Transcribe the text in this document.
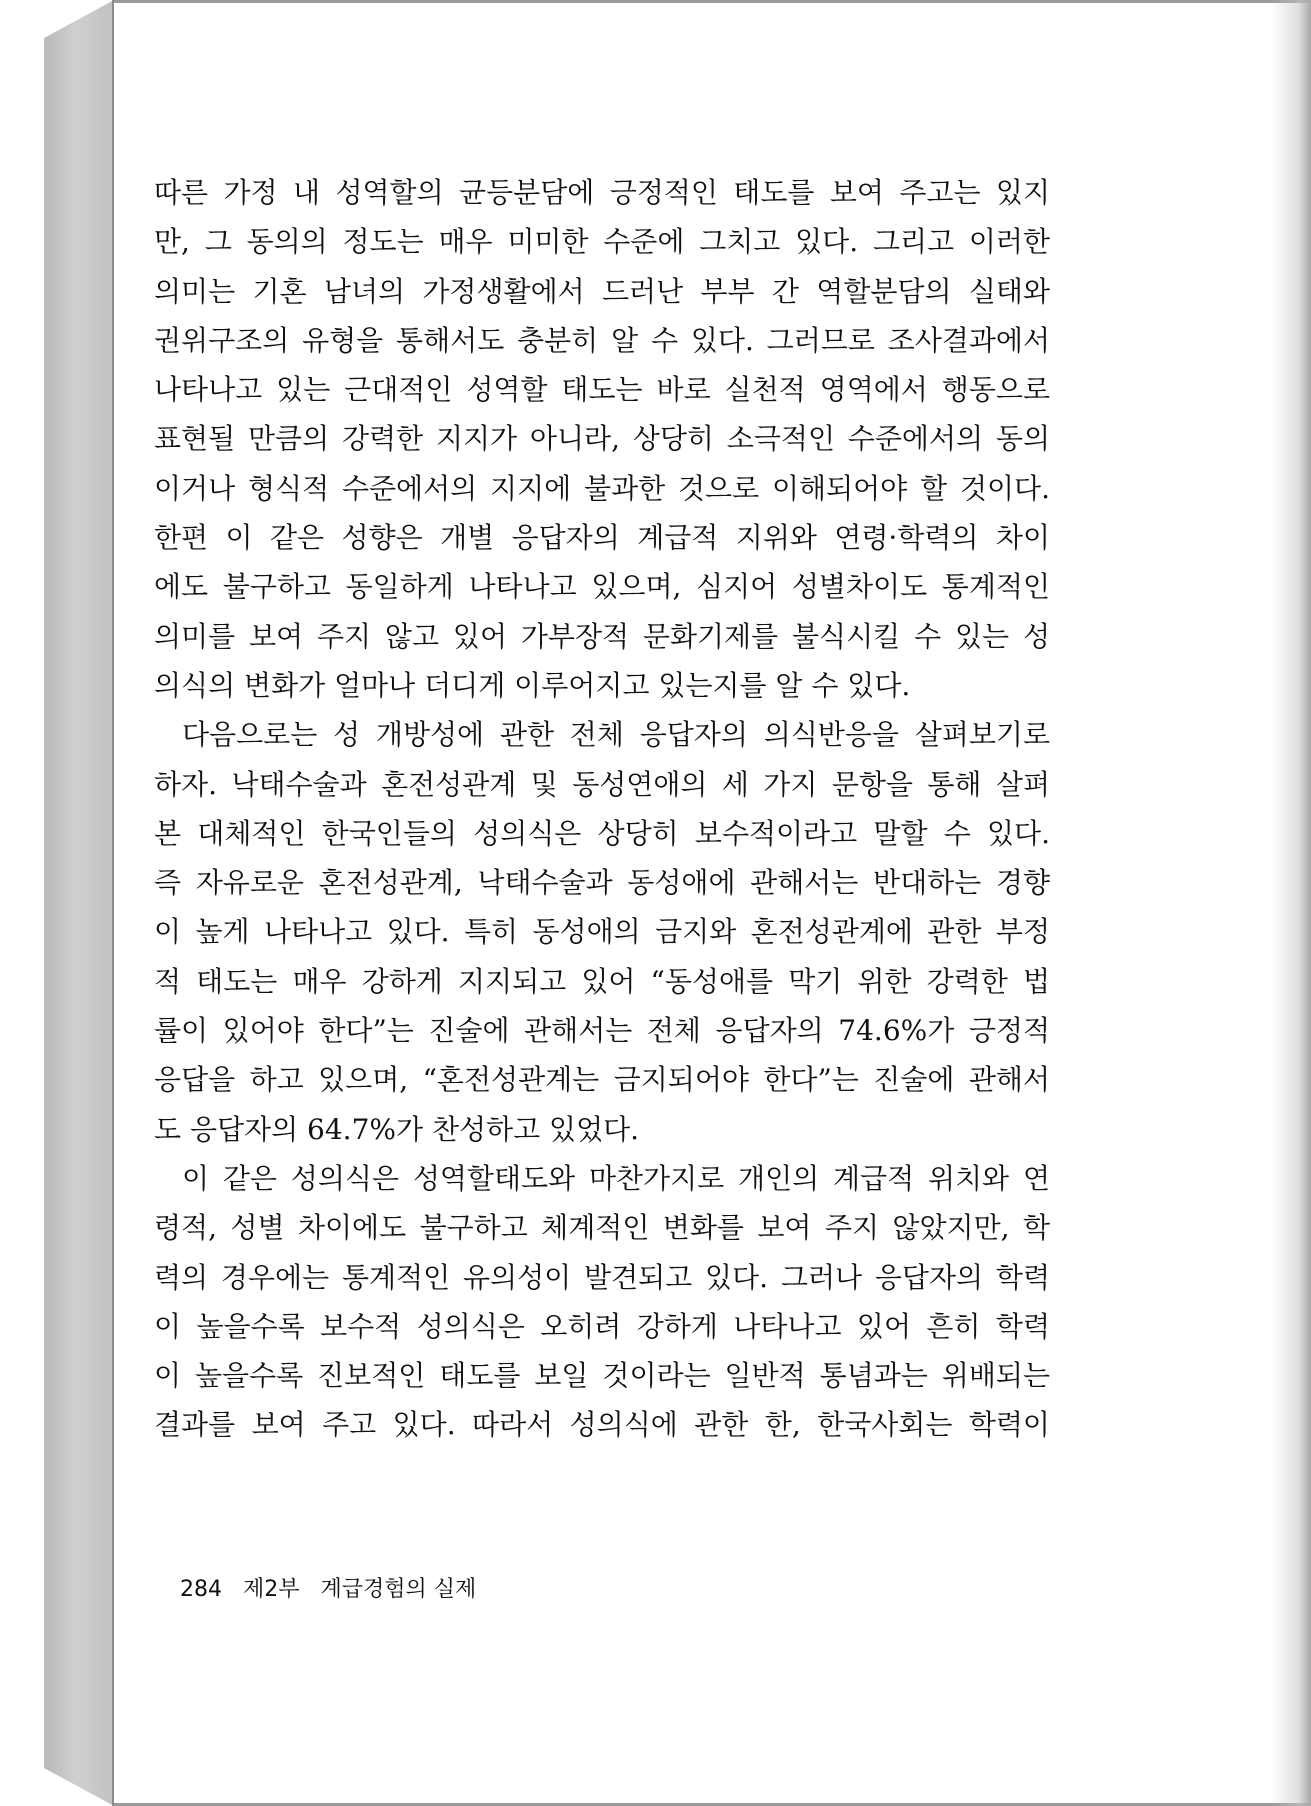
따른 가정 내 성역할의 균등분담에 긍정적인 태도를 보여 주고는 있지
만, 그 동의의 정도는 매우 미미한 수준에 그치고 있다. 그리고 이러한
의미는 기혼 남녀의 가정생활에서 드러난 부부 간 역할분담의 실태와
권위구조의 유형을 통해서도 충분히 알 수 있다. 그러므로 조사결과에서
나타나고 있는 근대적인 성역할 태도는 바로 실천적 영역에서 행동으로
표현될 만큼의 강력한 지지가 아니라, 상당히 소극적인 수준에서의 동의
이거나 형식적 수준에서의 지지에 불과한 것으로 이해되어야 할 것이다.
한편 이 같은 성향은 개별 응답자의 계급적 지위와 연령·학력의 차이
에도 불구하고 동일하게 나타나고 있으며, 심지어 성별차이도 통계적인
의미를 보여 주지 않고 있어 가부장적 문화기제를 불식시킬 수 있는 성
의식의 변화가 얼마나 더디게 이루어지고 있는지를 알 수 있다.
다음으로는 성 개방성에 관한 전체 응답자의 의식반응을 살펴보기로
하자. 낙태수술과 혼전성관계 및 동성연애의 세 가지 문항을 통해 살펴
본 대체적인 한국인들의 성의식은 상당히 보수적이라고 말할 수 있다.
즉 자유로운 혼전성관계, 낙태수술과 동성애에 관해서는 반대하는 경향
이 높게 나타나고 있다. 특히 동성애의 금지와 혼전성관계에 관한 부정
적 태도는 매우 강하게 지지되고 있어 “동성애를 막기 위한 강력한 법
률이 있어야 한다”는 진술에 관해서는 전체 응답자의 74.6%가 긍정적
응답을 하고 있으며, “혼전성관계는 금지되어야 한다”는 진술에 관해서
도 응답자의 64.7%가 찬성하고 있었다.
이 같은 성의식은 성역할태도와 마찬가지로 개인의 계급적 위치와 연
령적, 성별 차이에도 불구하고 체계적인 변화를 보여 주지 않았지만, 학
력의 경우에는 통계적인 유의성이 발견되고 있다. 그러나 응답자의 학력
이 높을수록 보수적 성의식은 오히려 강하게 나타나고 있어 흔히 학력
이 높을수록 진보적인 태도를 보일 것이라는 일반적 통념과는 위배되는
결과를 보여 주고 있다. 따라서 성의식에 관한 한, 한국사회는 학력이
284 제2부 계급경험의 실제
